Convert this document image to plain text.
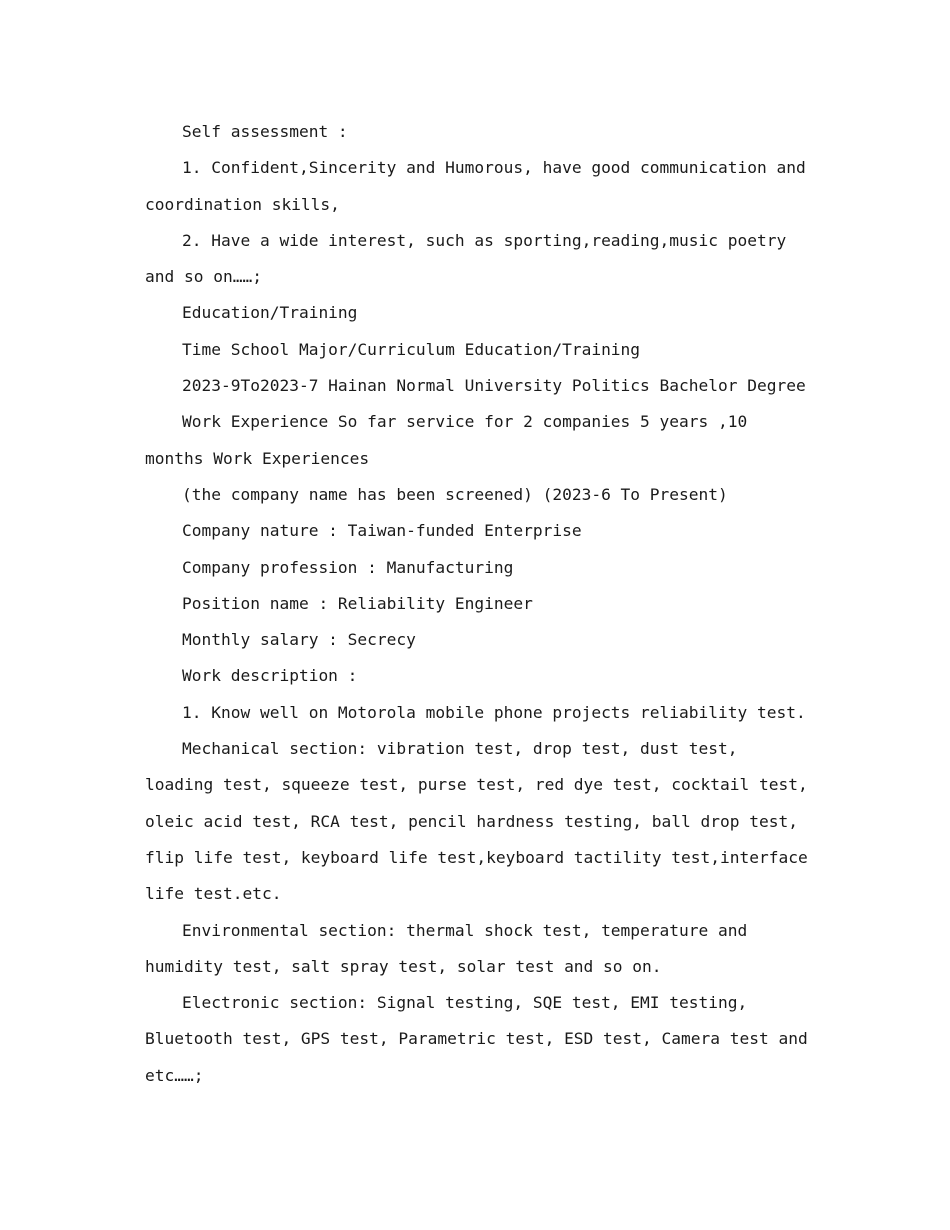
Self assessment :

1. Confident,Sincerity and Humorous, have good communication and coordination skills,

2. Have a wide interest, such as sporting,reading,music poetry and so on……;

Education/Training

Time School Major/Curriculum Education/Training

2023-9To2023-7 Hainan Normal University Politics Bachelor Degree

Work Experience So far service for 2 companies 5 years ,10 months Work Experiences

(the company name has been screened) (2023-6 To Present)

Company nature : Taiwan-funded Enterprise

Company profession : Manufacturing

Position name : Reliability Engineer

Monthly salary : Secrecy

Work description :

1. Know well on Motorola mobile phone projects reliability test.

Mechanical section: vibration test, drop test, dust test, loading test, squeeze test, purse test, red dye test, cocktail test, oleic acid test, RCA test, pencil hardness testing, ball drop test, flip life test, keyboard life test,keyboard tactility test,interface life test.etc.

Environmental section: thermal shock test, temperature and humidity test, salt spray test, solar test and so on.

Electronic section: Signal testing, SQE test, EMI testing, Bluetooth test, GPS test, Parametric test, ESD test, Camera test and etc……;
